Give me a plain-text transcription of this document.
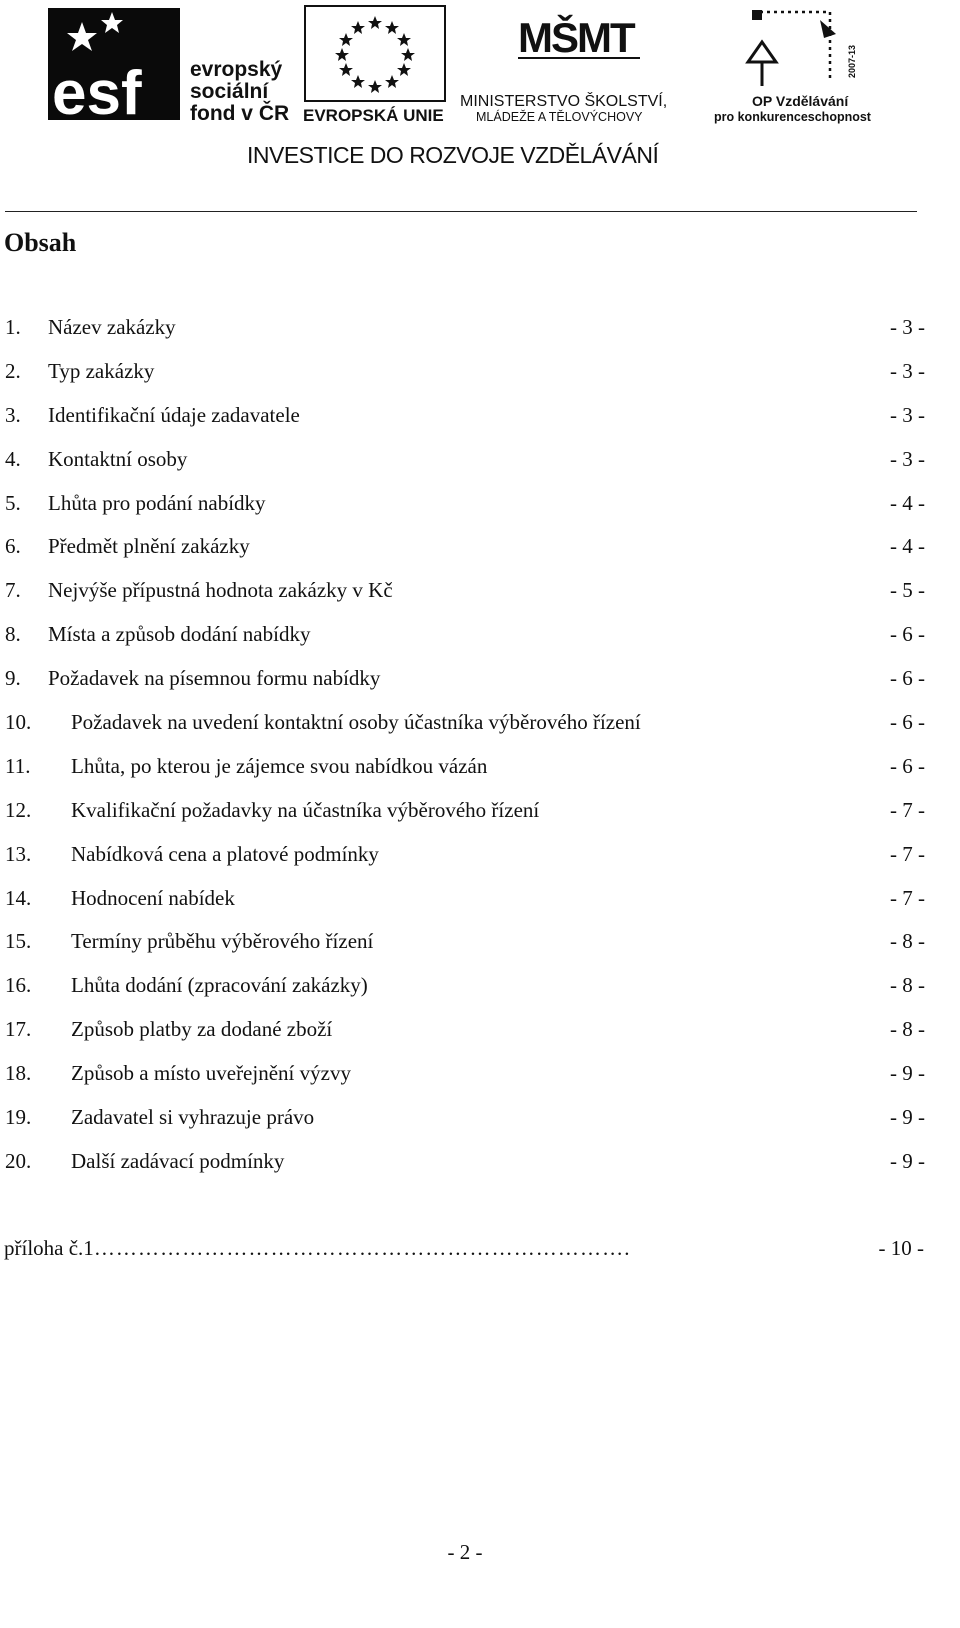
esf evropský
sociální
fond v ČR EVROPSKÁ UNIE
MŠMT
MINISTERSTVO ŠKOLSTVÍ,
MLÁDEŽE A TĚLOVÝCHOVY
2007-13
OP Vzdělávání
pro konkurenceschopnost
INVESTICE DO ROZVOJE VZDĚLÁVÁNÍ
Obsah
1. Název zakázky	- 3 -
2. Typ zakázky	- 3 -
3. Identifikační údaje zadavatele	- 3 -
4. Kontaktní osoby	- 3 -
5. Lhůta pro podání nabídky	- 4 -
6. Předmět plnění zakázky	- 4 -
7. Nejvýše přípustná hodnota zakázky v Kč	- 5 -
8. Místa a způsob dodání nabídky	- 6 -
9. Požadavek na písemnou formu nabídky	- 6 -
10. Požadavek na uvedení kontaktní osoby účastníka výběrového řízení	- 6 -
11. Lhůta, po kterou je zájemce svou nabídkou vázán	- 6 -
12. Kvalifikační požadavky na účastníka výběrového řízení	- 7 -
13. Nabídková cena a platové podmínky	- 7 -
14. Hodnocení nabídek	- 7 -
15. Termíny průběhu výběrového řízení	- 8 -
16. Lhůta dodání (zpracování zakázky)	- 8 -
17. Způsob platby za dodané zboží	- 8 -
18. Způsob a místo uveřejnění výzvy	- 9 -
19. Zadavatel si vyhrazuje právo	- 9 -
20. Další zadávací podmínky	- 9 -
příloha č.1……………………………………………………………….	- 10 -
- 2 -
